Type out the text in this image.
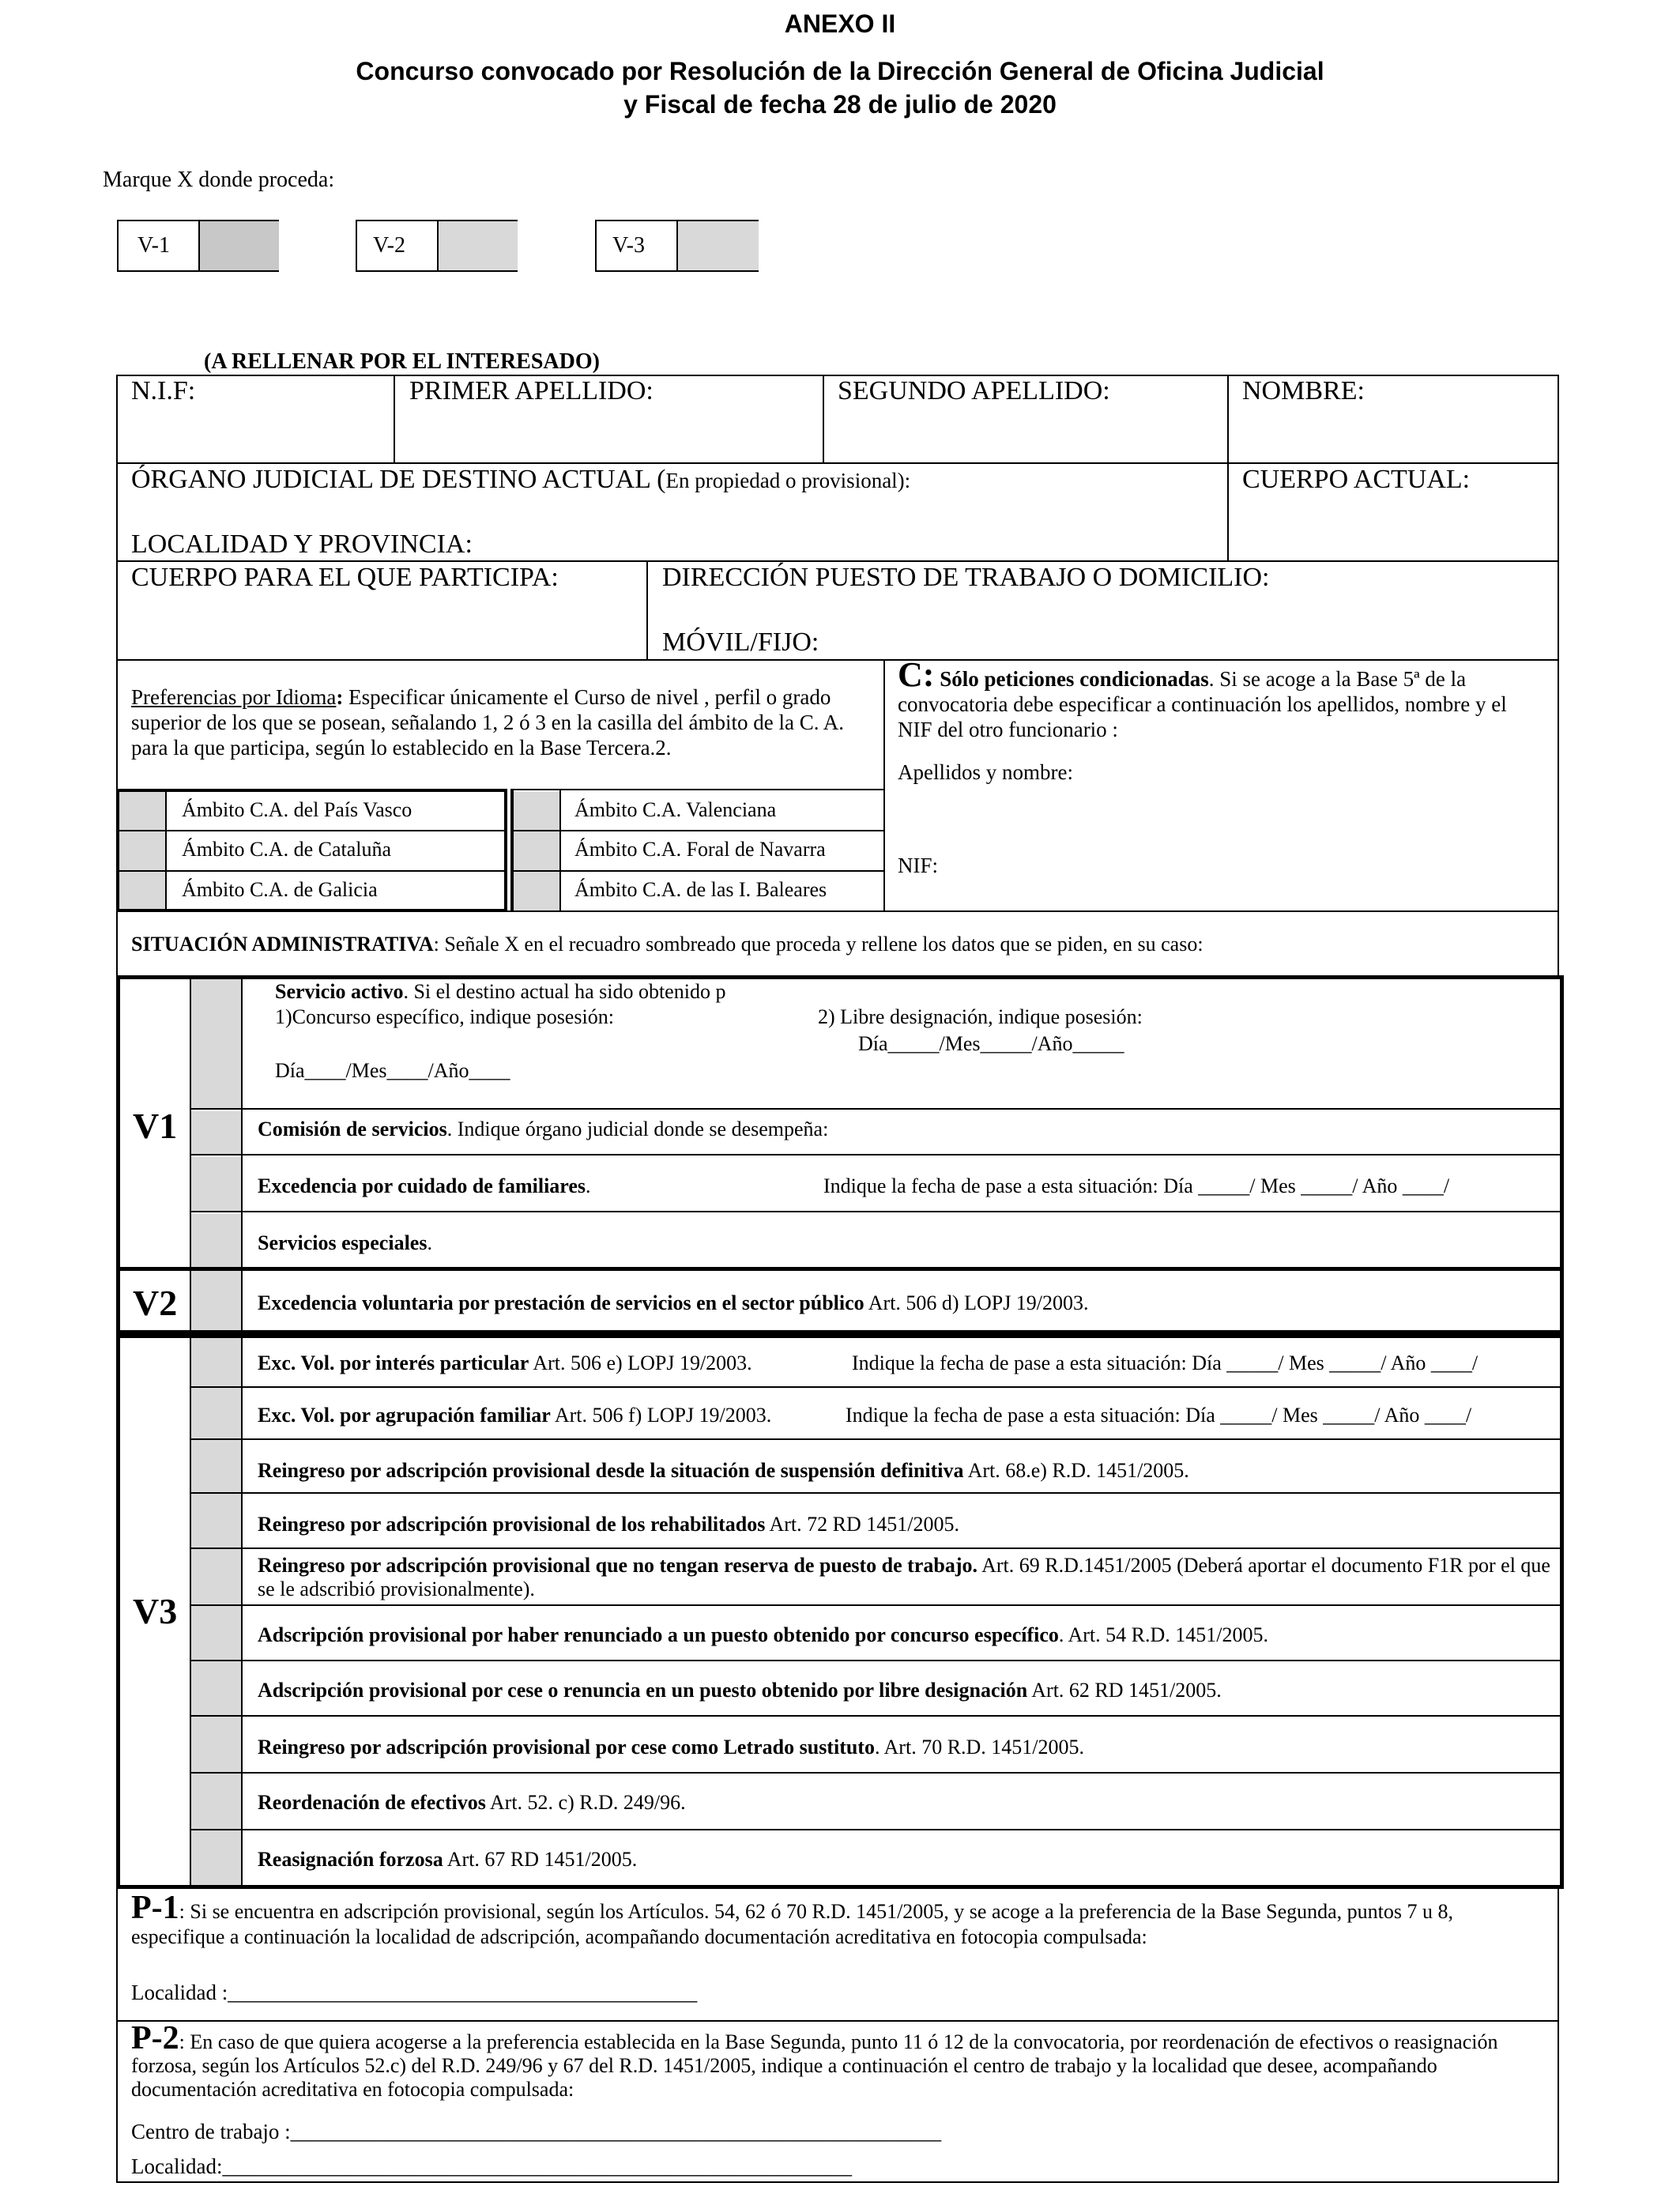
ANEXO II
Concurso convocado por Resolución de la Dirección General de Oficina Judicial
y Fiscal de fecha 28 de julio de 2020
Marque X donde proceda:
V-1	V-2	V-3
(A RELLENAR POR EL INTERESADO)
N.I.F:	PRIMER APELLIDO:	SEGUNDO APELLIDO:	NOMBRE:
ÓRGANO JUDICIAL DE DESTINO ACTUAL (En propiedad o provisional):	CUERPO ACTUAL:
LOCALIDAD Y PROVINCIA:
CUERPO PARA EL QUE PARTICIPA:	DIRECCIÓN PUESTO DE TRABAJO O DOMICILIO:
MÓVIL/FIJO:
Preferencias por Idioma: Especificar únicamente el Curso de nivel , perfil o grado superior de los que se posean, señalando 1, 2 ó 3 en la casilla del ámbito de la C. A. para la que participa, según lo establecido en la Base Tercera.2.
Ámbito C.A. del País Vasco
Ámbito C.A. de Cataluña
Ámbito C.A. de Galicia
Ámbito C.A. Valenciana
Ámbito C.A. Foral de Navarra
Ámbito C.A. de las I. Baleares
C: Sólo peticiones condicionadas. Si se acoge a la Base 5ª de la convocatoria debe especificar a continuación los apellidos, nombre y el NIF del otro funcionario :
Apellidos y nombre:
NIF:
SITUACIÓN ADMINISTRATIVA: Señale X en el recuadro sombreado que proceda y rellene los datos que se piden, en su caso:
V1
Servicio activo. Si el destino actual ha sido obtenido p
1)Concurso específico, indique posesión:
Día____/Mes____/Año____
2) Libre designación, indique posesión:
Día_____/Mes_____/Año_____
Comisión de servicios. Indique órgano judicial donde se desempeña:
Excedencia por cuidado de familiares.	Indique la fecha de pase a esta situación: Día _____/ Mes _____/ Año ____/
Servicios especiales.
V2	Excedencia voluntaria por prestación de servicios en el sector público Art. 506 d) LOPJ 19/2003.
V3
Exc. Vol. por interés particular Art. 506 e) LOPJ 19/2003.	Indique la fecha de pase a esta situación: Día _____/ Mes _____/ Año ____/
Exc. Vol. por agrupación familiar Art. 506 f) LOPJ 19/2003.	Indique la fecha de pase a esta situación: Día _____/ Mes _____/ Año ____/
Reingreso por adscripción provisional desde la situación de suspensión definitiva Art. 68.e) R.D. 1451/2005.
Reingreso por adscripción provisional de los rehabilitados Art. 72 RD 1451/2005.
Reingreso por adscripción provisional que no tengan reserva de puesto de trabajo. Art. 69 R.D.1451/2005 (Deberá aportar el documento F1R por el que se le adscribió provisionalmente).
Adscripción provisional por haber renunciado a un puesto obtenido por concurso específico. Art. 54 R.D. 1451/2005.
Adscripción provisional por cese o renuncia en un puesto obtenido por libre designación Art. 62 RD 1451/2005.
Reingreso por adscripción provisional por cese como Letrado sustituto. Art. 70 R.D. 1451/2005.
Reordenación de efectivos Art. 52. c) R.D. 249/96.
Reasignación forzosa Art. 67 RD 1451/2005.
P-1: Si se encuentra en adscripción provisional, según los Artículos. 54, 62 ó 70 R.D. 1451/2005, y se acoge a la preferencia de la Base Segunda, puntos 7 u 8, especifique a continuación la localidad de adscripción, acompañando documentación acreditativa en fotocopia compulsada:
Localidad :____________________________________________
P-2: En caso de que quiera acogerse a la preferencia establecida en la Base Segunda, punto 11 ó 12 de la convocatoria, por reordenación de efectivos o reasignación forzosa, según los Artículos 52.c) del R.D. 249/96 y 67 del R.D. 1451/2005, indique a continuación el centro de trabajo y la localidad que desee, acompañando documentación acreditativa en fotocopia compulsada:
Centro de trabajo :_____________________________________________________________
Localidad:___________________________________________________________
